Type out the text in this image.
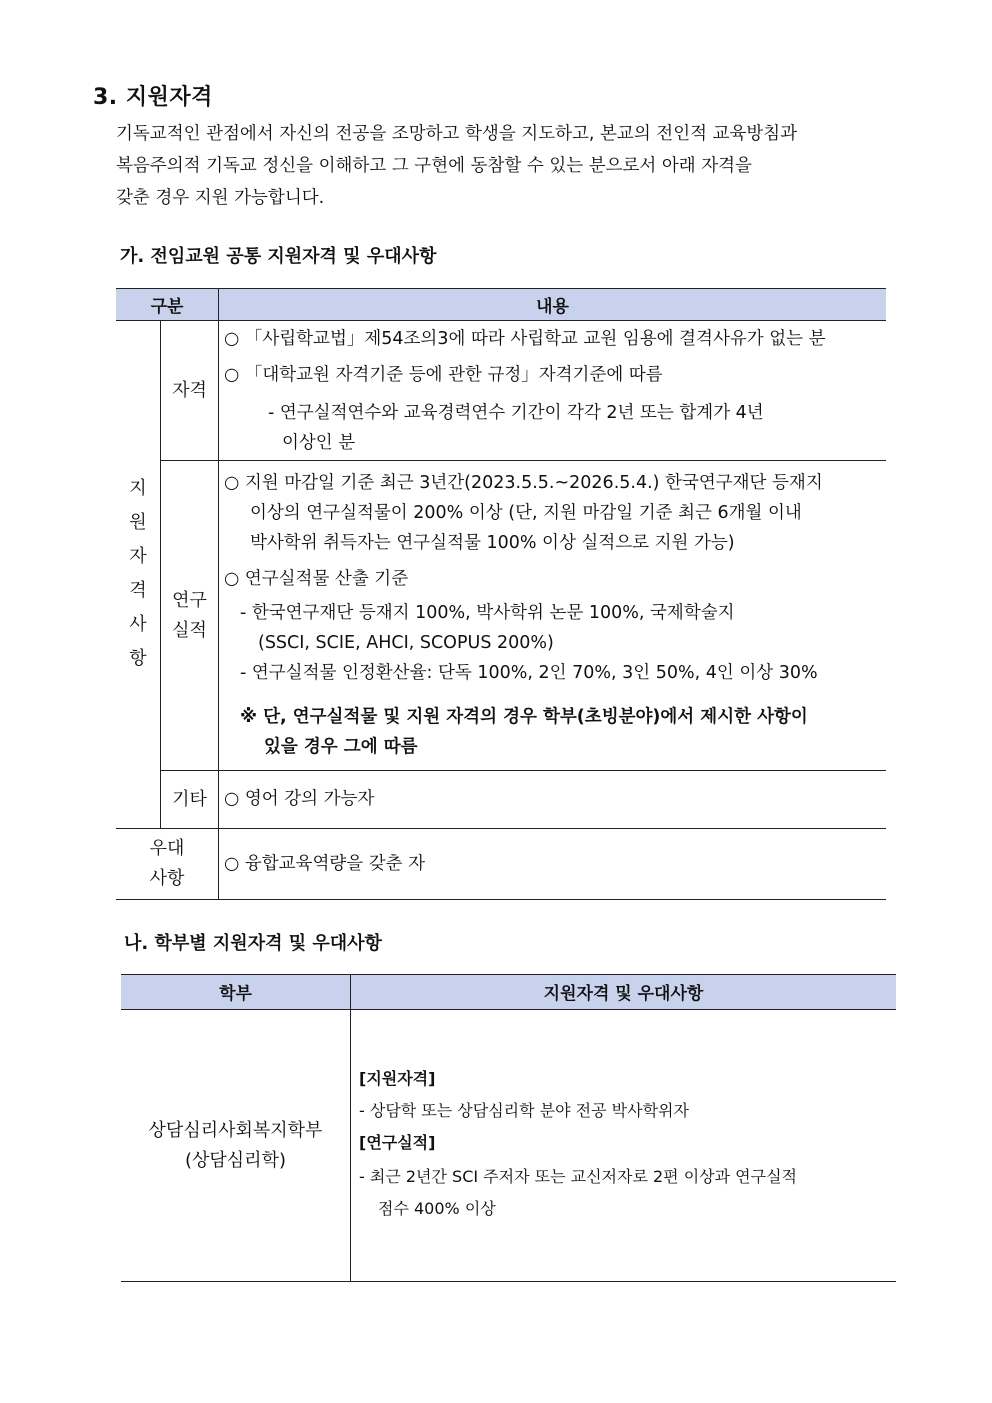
3. 지원자격

기독교적인 관점에서 자신의 전공을 조망하고 학생을 지도하고, 본교의 전인적 교육방침과

복음주의적 기독교 정신을 이해하고 그 구현에 동참할 수 있는 분으로서 아래 자격을

갖춘 경우 지원 가능합니다.

가. 전임교원 공통 지원자격 및 우대사항
구분	내용
지
원
자
격
사
항
자격
○ 「사립학교법」제54조의3에 따라 사립학교 교원 임용에 결격사유가 없는 분
○ 「대학교원 자격기준 등에 관한 규정」자격기준에 따름
- 연구실적연수와 교육경력연수 기간이 각각 2년 또는 합계가 4년
이상인 분
연구
실적
○ 지원 마감일 기준 최근 3년간(2023.5.5.~2026.5.4.) 한국연구재단 등재지
이상의 연구실적물이 200% 이상 (단, 지원 마감일 기준 최근 6개월 이내
박사학위 취득자는 연구실적물 100% 이상 실적으로 지원 가능)
○ 연구실적물 산출 기준
- 한국연구재단 등재지 100%, 박사학위 논문 100%, 국제학술지
(SSCI, SCIE, AHCI, SCOPUS 200%)
- 연구실적물 인정환산율: 단독 100%, 2인 70%, 3인 50%, 4인 이상 30%
※ 단, 연구실적물 및 지원 자격의 경우 학부(초빙분야)에서 제시한 사항이
있을 경우 그에 따름
기타 ○ 영어 강의 가능자
우대
사항
○ 융합교육역량을 갖춘 자
나. 학부별 지원자격 및 우대사항
학부	지원자격 및 우대사항
상담심리사회복지학부
(상담심리학)
[지원자격]
- 상담학 또는 상담심리학 분야 전공 박사학위자
[연구실적]
- 최근 2년간 SCI 주저자 또는 교신저자로 2편 이상과 연구실적
점수 400% 이상
